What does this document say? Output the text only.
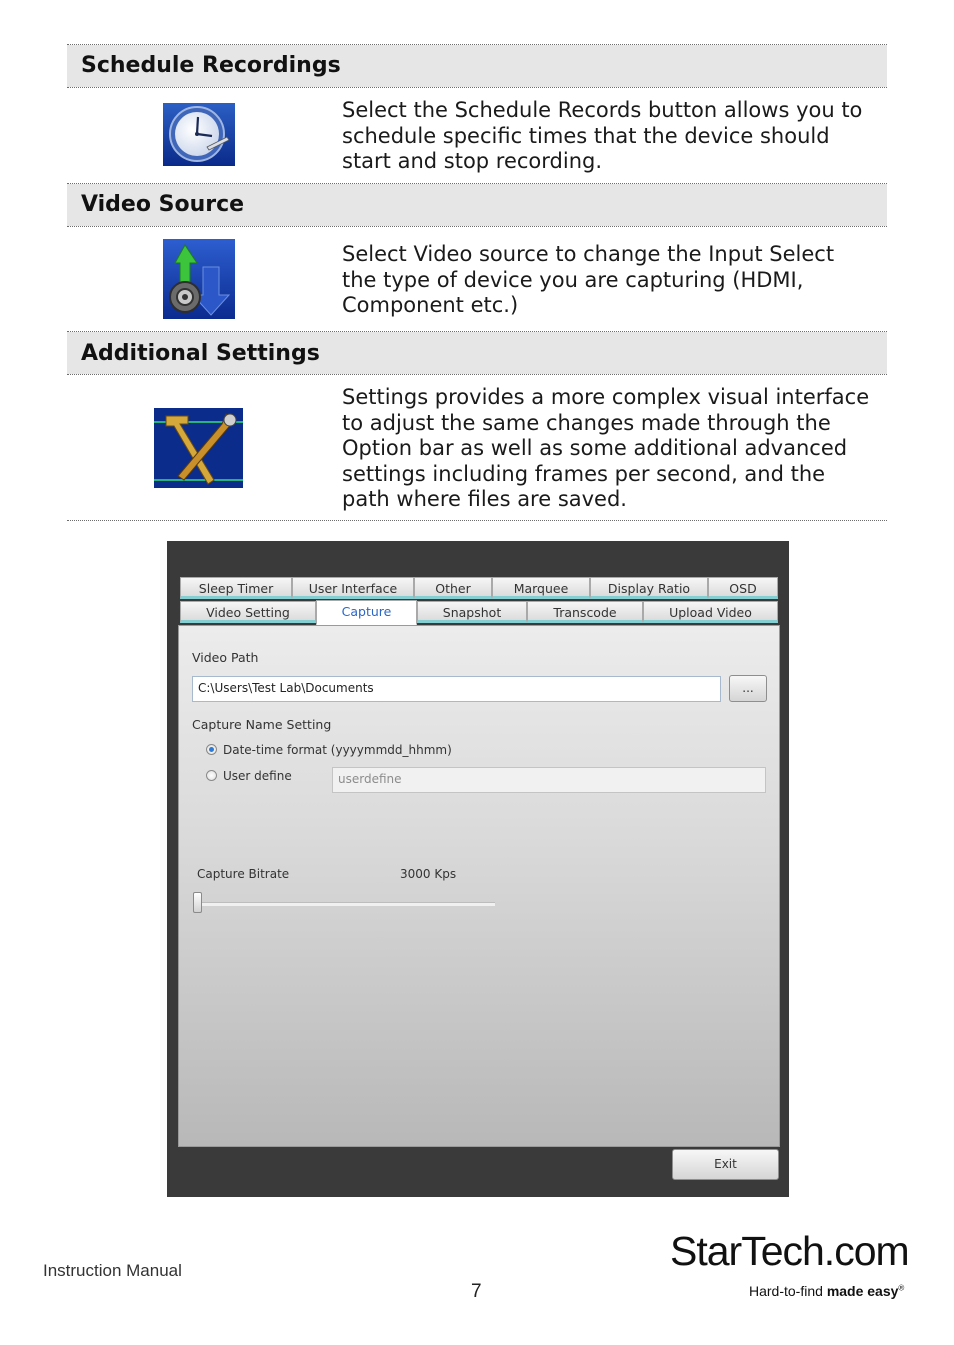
Schedule Recordings
Select the Schedule Records button allows you to schedule specific times that the device should start and stop recording.
Video Source
Select Video source to change the Input Select the type of device you are capturing (HDMI, Component etc.)
Additional Settings
Settings provides a more complex visual interface to adjust the same changes made through the Option bar as well as some additional advanced settings including frames per second, and the path where files are saved.
Sleep Timer	User Interface	Other	Marquee	Display Ratio	OSD
Video Setting	Capture	Snapshot	Transcode	Upload Video
Video Path
C:\Users\Test Lab\Documents	...
Capture Name Setting
Date-time format (yyyymmdd_hhmm)
User define	userdefine
Capture Bitrate	3000 Kps
Exit
Instruction Manual
7
StarTech.com
Hard-to-find made easy®
